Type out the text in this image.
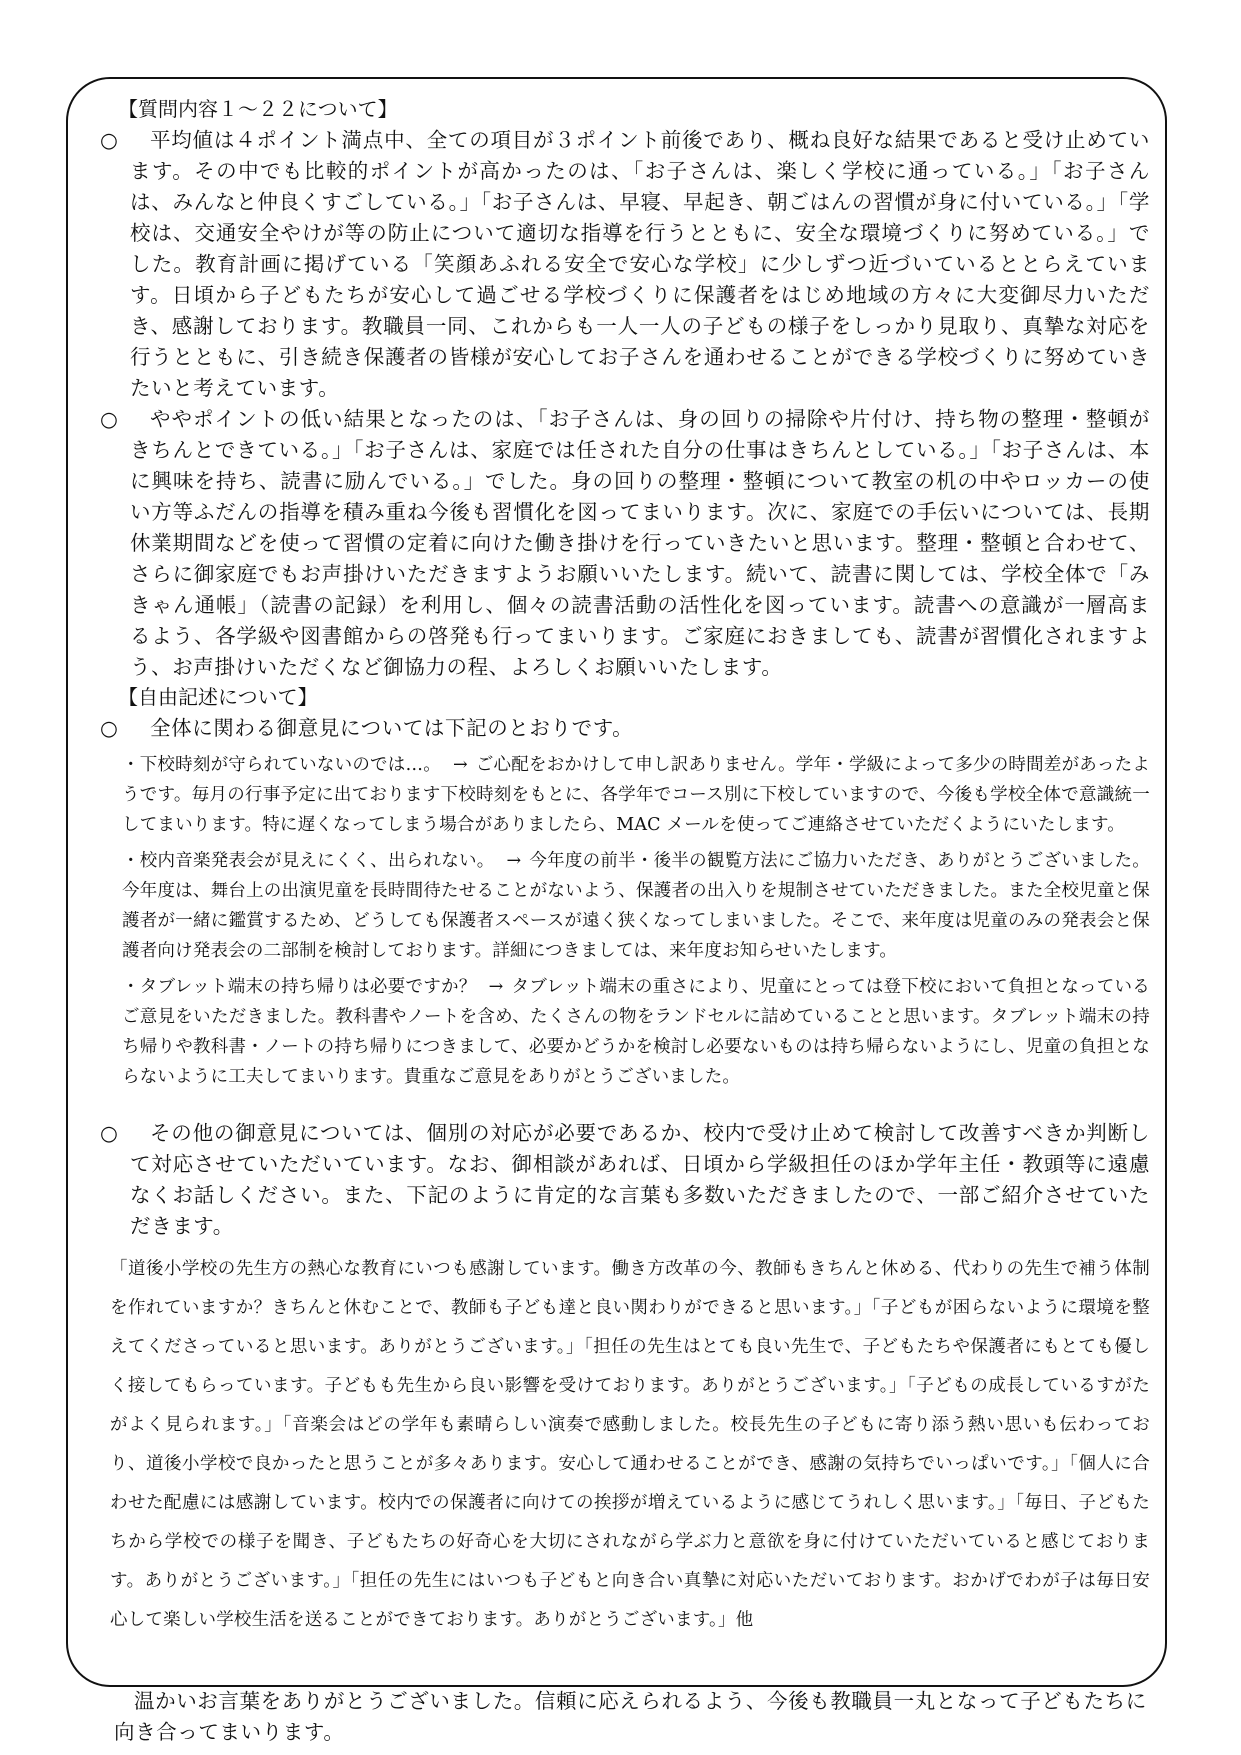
【質問内容１～２２について】
○	平均値は４ポイント満点中、全ての項目が３ポイント前後であり、概ね良好な結果であると受け止めています。その中でも比較的ポイントが高かったのは、「お子さんは、楽しく学校に通っている。」「お子さんは、みんなと仲良くすごしている。」「お子さんは、早寝、早起き、朝ごはんの習慣が身に付いている。」「学校は、交通安全やけが等の防止について適切な指導を行うとともに、安全な環境づくりに努めている。」でした。教育計画に掲げている「笑顔あふれる安全で安心な学校」に少しずつ近づいているととらえています。日頃から子どもたちが安心して過ごせる学校づくりに保護者をはじめ地域の方々に大変御尽力いただき、感謝しております。教職員一同、これからも一人一人の子どもの様子をしっかり見取り、真摯な対応を行うとともに、引き続き保護者の皆様が安心してお子さんを通わせることができる学校づくりに努めていきたいと考えています。
○	ややポイントの低い結果となったのは、「お子さんは、身の回りの掃除や片付け、持ち物の整理・整頓がきちんとできている。」「お子さんは、家庭では任された自分の仕事はきちんとしている。」「お子さんは、本に興味を持ち、読書に励んでいる。」でした。身の回りの整理・整頓について教室の机の中やロッカーの使い方等ふだんの指導を積み重ね今後も習慣化を図ってまいります。次に、家庭での手伝いについては、長期休業期間などを使って習慣の定着に向けた働き掛けを行っていきたいと思います。整理・整頓と合わせて、さらに御家庭でもお声掛けいただきますようお願いいたします。続いて、読書に関しては、学校全体で「みきゃん通帳」（読書の記録）を利用し、個々の読書活動の活性化を図っています。読書への意識が一層高まるよう、各学級や図書館からの啓発も行ってまいります。ご家庭におきましても、読書が習慣化されますよう、お声掛けいただくなど御協力の程、よろしくお願いいたします。
【自由記述について】
○	全体に関わる御意見については下記のとおりです。
・下校時刻が守られていないのでは…。 → ご心配をおかけして申し訳ありません。学年・学級によって多少の時間差があったようです。毎月の行事予定に出ております下校時刻をもとに、各学年でコース別に下校していますので、今後も学校全体で意識統一してまいります。特に遅くなってしまう場合がありましたら、MAC メールを使ってご連絡させていただくようにいたします。
・校内音楽発表会が見えにくく、出られない。 → 今年度の前半・後半の観覧方法にご協力いただき、ありがとうございました。今年度は、舞台上の出演児童を長時間待たせることがないよう、保護者の出入りを規制させていただきました。また全校児童と保護者が一緒に鑑賞するため、どうしても保護者スペースが遠く狭くなってしまいました。そこで、来年度は児童のみの発表会と保護者向け発表会の二部制を検討しております。詳細につきましては、来年度お知らせいたします。
・タブレット端末の持ち帰りは必要ですか？ → タブレット端末の重さにより、児童にとっては登下校において負担となっているご意見をいただきました。教科書やノートを含め、たくさんの物をランドセルに詰めていることと思います。タブレット端末の持ち帰りや教科書・ノートの持ち帰りにつきまして、必要かどうかを検討し必要ないものは持ち帰らないようにし、児童の負担とならないように工夫してまいります。貴重なご意見をありがとうございました。
○	その他の御意見については、個別の対応が必要であるか、校内で受け止めて検討して改善すべきか判断して対応させていただいています。なお、御相談があれば、日頃から学級担任のほか学年主任・教頭等に遠慮なくお話しください。また、下記のように肯定的な言葉も多数いただきましたので、一部ご紹介させていただきます。
「道後小学校の先生方の熱心な教育にいつも感謝しています。働き方改革の今、教師もきちんと休める、代わりの先生で補う体制を作れていますか？きちんと休むことで、教師も子ども達と良い関わりができると思います。」「子どもが困らないように環境を整えてくださっていると思います。ありがとうございます。」「担任の先生はとても良い先生で、子どもたちや保護者にもとても優しく接してもらっています。子どもも先生から良い影響を受けております。ありがとうございます。」「子どもの成長しているすがたがよく見られます。」「音楽会はどの学年も素晴らしい演奏で感動しました。校長先生の子どもに寄り添う熱い思いも伝わっており、道後小学校で良かったと思うことが多々あります。安心して通わせることができ、感謝の気持ちでいっぱいです。」「個人に合わせた配慮には感謝しています。校内での保護者に向けての挨拶が増えているように感じてうれしく思います。」「毎日、子どもたちから学校での様子を聞き、子どもたちの好奇心を大切にされながら学ぶ力と意欲を身に付けていただいていると感じております。ありがとうございます。」「担任の先生にはいつも子どもと向き合い真摯に対応いただいております。おかげでわが子は毎日安心して楽しい学校生活を送ることができております。ありがとうございます。」他
温かいお言葉をありがとうございました。信頼に応えられるよう、今後も教職員一丸となって子どもたちに向き合ってまいります。
